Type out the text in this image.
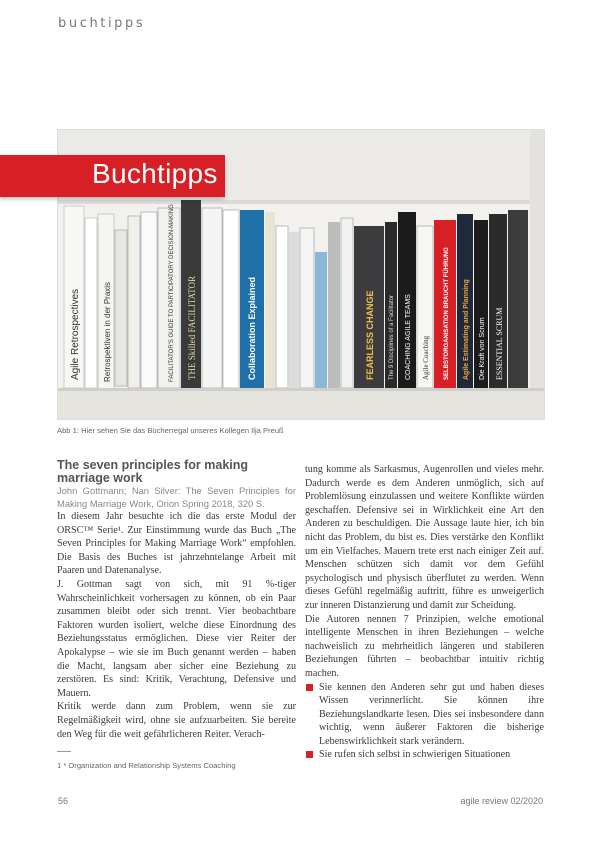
buchtipps
Agile Retrospectives	Retrospektiven in der Praxis	FACILITATOR'S GUIDE TO PARTICIPATORY DECISION-MAKING THE Skilled FACILITATOR	Collaboration Explained	FEARLESS CHANGE The 9 Disciplines of a Facilitator COACHING AGILE TEAMS Agile Coaching SELBSTORGANISATION BRAUCHT FÜHRUNG Agile Estimating and Planning Die Kraft von Scrum ESSENTIAL SCRUM
Buchtipps
Abb 1: Hier sehen Sie das Bücherregal unseres Kollegen Ilja Preuß
The seven principles for making marriage work

John Gottmann; Nan Silver: The Seven Principles for Making Marriage Work, Orion Spring 2018, 320 S.

In diesem Jahr besuchte ich die das erste Modul der ORSC™ Serie¹. Zur Einstimmung wurde das Buch „The Seven Principles for Making Marriage Work“ empfohlen. Die Basis des Buches ist jahrzehntelange Arbeit mit Paaren und Datenanalyse.

J. Gottman sagt von sich, mit 91 %-tiger Wahrscheinlichkeit vorhersagen zu können, ob ein Paar zusammen bleibt oder sich trennt. Vier beobachtbare Faktoren wurden isoliert, welche diese Einordnung des Beziehungsstatus ermöglichen. Diese vier Reiter der Apokalypse – wie sie im Buch genannt werden – haben die Macht, langsam aber sicher eine Beziehung zu zerstören. Es sind: Kritik, Verachtung, Defensive und Mauern.

Kritik werde dann zum Problem, wenn sie zur Regelmäßigkeit wird, ohne sie aufzuarbeiten. Sie bereite den Weg für die weit gefährlicheren Reiter. Verach-

tung komme als Sarkasmus, Augenrollen und vieles mehr. Dadurch werde es dem Anderen unmöglich, sich auf Problemlösung einzulassen und weitere Konflikte würden geschaffen. Defensive sei in Wirklichkeit eine Art den Anderen zu beschuldigen. Die Aussage laute hier, ich bin nicht das Problem, du bist es. Dies verstärke den Konflikt um ein Vielfaches. Mauern trete erst nach einiger Zeit auf. Menschen schützen sich damit vor dem Gefühl psychologisch und physisch überflutet zu werden. Wenn dieses Gefühl regelmäßig auftritt, führe es unweigerlich zur inneren Distanzierung und damit zur Scheidung.

Die Autoren nennen 7 Prinzipien, welche emotional intelligente Menschen in ihren Beziehungen – welche nachweislich zu mehrheitlich längeren und stabileren Beziehungen führten – beobachtbar intuitiv richtig machen.

Sie kennen den Anderen sehr gut und haben dieses Wissen verinnerlicht. Sie können ihre Beziehungslandkarte lesen. Dies sei insbesondere dann wichtig, wenn äußerer Faktoren die bisherige Lebenswirklichkeit stark verändern.
Sie rufen sich selbst in schwierigen Situationen
1 * Organization and Relationship Systems Coaching
56	agile review 02/2020
